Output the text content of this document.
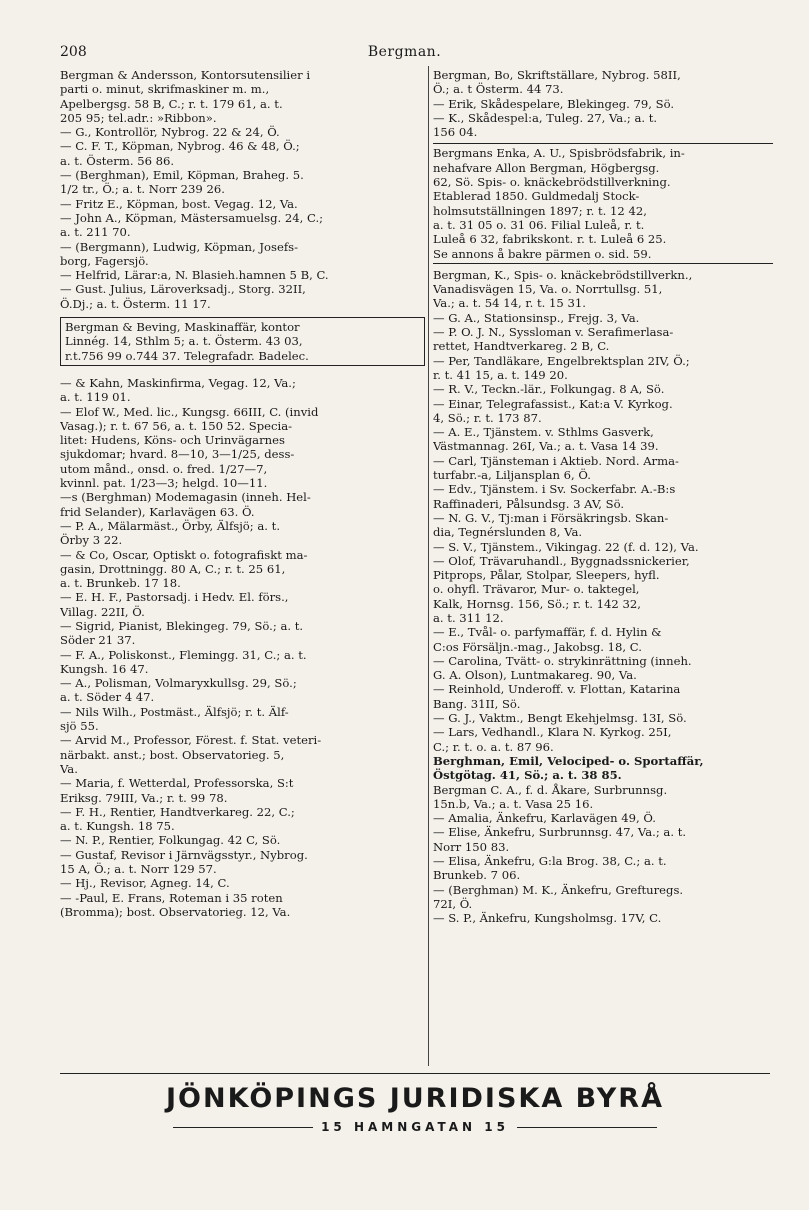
208	Bergman.
Bergman & Andersson, Kontorsutensilier i
parti o. minut, skrifmaskiner m. m.,
Apelbergsg. 58 B, C.; r. t. 179 61, a. t.
205 95; tel.adr.: »Ribbon».
— G., Kontrollör, Nybrog. 22 & 24, Ö.
— C. F. T., Köpman, Nybrog. 46 & 48, Ö.;
a. t. Österm. 56 86.
— (Berghman), Emil, Köpman, Braheg. 5.
1/2 tr., Ö.; a. t. Norr 239 26.
— Fritz E., Köpman, bost. Vegag. 12, Va.
— John A., Köpman, Mästersamuelsg. 24, C.;
a. t. 211 70.
— (Bergmann), Ludwig, Köpman, Josefs-
borg, Fagersjö.
— Helfrid, Lärar:a, N. Blasieh.hamnen 5 B, C.
— Gust. Julius, Läroverksadj., Storg. 32II,
Ö.Dj.; a. t. Österm. 11 17.
Bergman & Beving, Maskinaffär, kontor
Linnég. 14, Sthlm 5; a. t. Österm. 43 03,
r.t.756 99 o.744 37. Telegrafadr. Badelec.
— & Kahn, Maskinfirma, Vegag. 12, Va.;
a. t. 119 01.
— Elof W., Med. lic., Kungsg. 66III, C. (invid
Vasag.); r. t. 67 56, a. t. 150 52. Specia-
litet: Hudens, Köns- och Urinvägarnes
sjukdomar; hvard. 8—10, 3—1/25, dess-
utom månd., onsd. o. fred. 1/27—7,
kvinnl. pat. 1/23—3; helgd. 10—11.
—s (Berghman) Modemagasin (inneh. Hel-
frid Selander), Karlavägen 63. Ö.
— P. A., Mälarmäst., Örby, Älfsjö; a. t.
Örby 3 22.
— & Co, Oscar, Optiskt o. fotografiskt ma-
gasin, Drottningg. 80 A, C.; r. t. 25 61,
a. t. Brunkeb. 17 18.
— E. H. F., Pastorsadj. i Hedv. El. förs.,
Villag. 22II, Ö.
— Sigrid, Pianist, Blekingeg. 79, Sö.; a. t.
Söder 21 37.
— F. A., Poliskonst., Flemingg. 31, C.; a. t.
Kungsh. 16 47.
— A., Polisman, Volmaryxkullsg. 29, Sö.;
a. t. Söder 4 47.
— Nils Wilh., Postmäst., Älfsjö; r. t. Älf-
sjö 55.
— Arvid M., Professor, Förest. f. Stat. veteri-
närbakt. anst.; bost. Observatorieg. 5,
Va.
— Maria, f. Wetterdal, Professorska, S:t
Eriksg. 79III, Va.; r. t. 99 78.
— F. H., Rentier, Handtverkareg. 22, C.;
a. t. Kungsh. 18 75.
— N. P., Rentier, Folkungag. 42 C, Sö.
— Gustaf, Revisor i Järnvägsstyr., Nybrog.
15 A, Ö.; a. t. Norr 129 57.
— Hj., Revisor, Agneg. 14, C.
— -Paul, E. Frans, Roteman i 35 roten
(Bromma); bost. Observatorieg. 12, Va.
Bergman, Bo, Skriftställare, Nybrog. 58II,
Ö.; a. t Österm. 44 73.
— Erik, Skådespelare, Blekingeg. 79, Sö.
— K., Skådespel:a, Tuleg. 27, Va.; a. t.
156 04.
Bergmans Enka, A. U., Spisbrödsfabrik, in-
nehafvare Allon Bergman, Högbergsg.
62, Sö. Spis- o. knäckebrödstillverkning.
Etablerad 1850. Guldmedalj Stock-
holmsutställningen 1897; r. t. 12 42,
a. t. 31 05 o. 31 06. Filial Luleå, r. t.
Luleå 6 32, fabrikskont. r. t. Luleå 6 25.
Se annons å bakre pärmen o. sid. 59.
Bergman, K., Spis- o. knäckebrödstillverkn.,
Vanadisvägen 15, Va. o. Norrtullsg. 51,
Va.; a. t. 54 14, r. t. 15 31.
— G. A., Stationsinsp., Frejg. 3, Va.
— P. O. J. N., Syssloman v. Serafimerlasa-
rettet, Handtverkareg. 2 B, C.
— Per, Tandläkare, Engelbrektsplan 2IV, Ö.;
r. t. 41 15, a. t. 149 20.
— R. V., Teckn.-lär., Folkungag. 8 A, Sö.
— Einar, Telegrafassist., Kat:a V. Kyrkog.
4, Sö.; r. t. 173 87.
— A. E., Tjänstem. v. Sthlms Gasverk,
Västmannag. 26I, Va.; a. t. Vasa 14 39.
— Carl, Tjänsteman i Aktieb. Nord. Arma-
turfabr.-a, Liljansplan 6, Ö.
— Edv., Tjänstem. i Sv. Sockerfabr. A.-B:s
Raffinaderi, Pålsundsg. 3 AV, Sö.
— N. G. V., Tj:man i Försäkringsb. Skan-
dia, Tegnérslunden 8, Va.
— S. V., Tjänstem., Vikingag. 22 (f. d. 12), Va.
— Olof, Trävaruhandl., Byggnadssnickerier,
Pitprops, Pålar, Stolpar, Sleepers, hyfl.
o. ohyfl. Trävaror, Mur- o. taktegel,
Kalk, Hornsg. 156, Sö.; r. t. 142 32,
a. t. 311 12.
— E., Tvål- o. parfymaffär, f. d. Hylin &
C:os Försäljn.-mag., Jakobsg. 18, C.
— Carolina, Tvätt- o. strykinrättning (inneh.
G. A. Olson), Luntmakareg. 90, Va.
— Reinhold, Underoff. v. Flottan, Katarina
Bang. 31II, Sö.
— G. J., Vaktm., Bengt Ekehjelmsg. 13I, Sö.
— Lars, Vedhandl., Klara N. Kyrkog. 25I,
C.; r. t. o. a. t. 87 96.
Berghman, Emil, Velociped- o. Sportaffär,
Östgötag. 41, Sö.; a. t. 38 85.
Bergman C. A., f. d. Åkare, Surbrunnsg.
15n.b, Va.; a. t. Vasa 25 16.
— Amalia, Änkefru, Karlavägen 49, Ö.
— Elise, Änkefru, Surbrunnsg. 47, Va.; a. t.
Norr 150 83.
— Elisa, Änkefru, G:la Brog. 38, C.; a. t.
Brunkeb. 7 06.
— (Berghman) M. K., Änkefru, Grefturegs.
72I, Ö.
— S. P., Änkefru, Kungsholmsg. 17V, C.
JÖNKÖPINGS JURIDISKA BYRÅ
15 HAMNGATAN 15
